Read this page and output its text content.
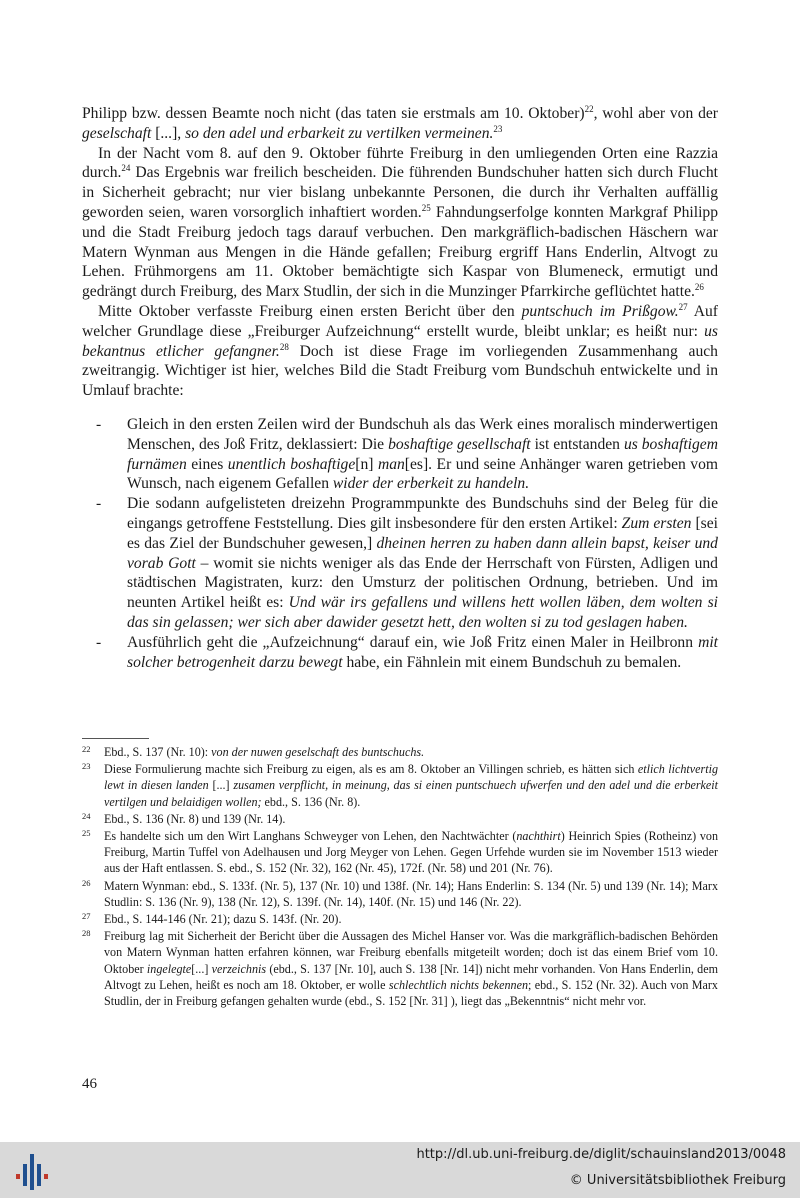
Philipp bzw. dessen Beamte noch nicht (das taten sie erstmals am 10. Oktober)$^{22}$, wohl aber von der geselschaft [...], so den adel und erbarkeit zu vertilken vermeinen.$^{23}$

In der Nacht vom 8. auf den 9. Oktober führte Freiburg in den umliegenden Orten eine Razzia durch.$^{24}$ Das Ergebnis war freilich bescheiden. Die führenden Bundschuher hatten sich durch Flucht in Sicherheit gebracht; nur vier bislang unbekannte Personen, die durch ihr Verhalten auffällig geworden seien, waren vorsorglich inhaftiert worden.$^{25}$ Fahndungserfolge konnten Markgraf Philipp und die Stadt Freiburg jedoch tags darauf verbuchen. Den markgräflich-badischen Häschern war Matern Wynman aus Mengen in die Hände gefallen; Freiburg ergriff Hans Enderlin, Altvogt zu Lehen. Frühmorgens am 11. Oktober bemächtigte sich Kaspar von Blumeneck, ermutigt und gedrängt durch Freiburg, des Marx Studlin, der sich in die Munzinger Pfarrkirche geflüchtet hatte.$^{26}$

Mitte Oktober verfasste Freiburg einen ersten Bericht über den puntschuch im Prißgow.$^{27}$ Auf welcher Grundlage diese „Freiburger Aufzeichnung“ erstellt wurde, bleibt unklar; es heißt nur: us bekantnus etlicher gefangner.$^{28}$ Doch ist diese Frage im vorliegenden Zusammenhang auch zweitrangig. Wichtiger ist hier, welches Bild die Stadt Freiburg vom Bundschuh entwickelte und in Umlauf brachte:

- Gleich in den ersten Zeilen wird der Bundschuh als das Werk eines moralisch minderwertigen Menschen, des Joß Fritz, deklassiert: Die boshaftige gesellschaft ist entstanden us boshaftigem furnämen eines unentlich boshaftige[n] man[es]. Er und seine Anhänger waren getrieben vom Wunsch, nach eigenem Gefallen wider der erberkeit zu handeln.
- Die sodann aufgelisteten dreizehn Programmpunkte des Bundschuhs sind der Beleg für die eingangs getroffene Feststellung. Dies gilt insbesondere für den ersten Artikel: Zum ersten [sei es das Ziel der Bundschuher gewesen,] dheinen herren zu haben dann allein bapst, keiser und vorab Gott – womit sie nichts weniger als das Ende der Herrschaft von Fürsten, Adligen und städtischen Magistraten, kurz: den Umsturz der politischen Ordnung, betrieben. Und im neunten Artikel heißt es: Und wär irs gefallens und willens hett wollen läben, dem wolten si das sin gelassen; wer sich aber dawider gesetzt hett, den wolten si zu tod geslagen haben.
- Ausführlich geht die „Aufzeichnung“ darauf ein, wie Joß Fritz einen Maler in Heilbronn mit solcher betrogenheit darzu bewegt habe, ein Fähnlein mit einem Bundschuh zu bemalen.
22 Ebd., S. 137 (Nr. 10): von der nuwen geselschaft des buntschuchs.
23 Diese Formulierung machte sich Freiburg zu eigen, als es am 8. Oktober an Villingen schrieb, es hätten sich etlich lichtvertig lewt in diesen landen [...] zusamen verpflicht, in meinung, das si einen puntschuech ufwerfen und den adel und die erberkeit vertilgen und belaidigen wollen; ebd., S. 136 (Nr. 8).
24 Ebd., S. 136 (Nr. 8) und 139 (Nr. 14).
25 Es handelte sich um den Wirt Langhans Schweyger von Lehen, den Nachtwächter (nachthirt) Heinrich Spies (Rotheinz) von Freiburg, Martin Tuffel von Adelhausen und Jorg Meyger von Lehen. Gegen Urfehde wurden sie im November 1513 wieder aus der Haft entlassen. S. ebd., S. 152 (Nr. 32), 162 (Nr. 45), 172f. (Nr. 58) und 201 (Nr. 76).
26 Matern Wynman: ebd., S. 133f. (Nr. 5), 137 (Nr. 10) und 138f. (Nr. 14); Hans Enderlin: S. 134 (Nr. 5) und 139 (Nr. 14); Marx Studlin: S. 136 (Nr. 9), 138 (Nr. 12), S. 139f. (Nr. 14), 140f. (Nr. 15) und 146 (Nr. 22).
27 Ebd., S. 144-146 (Nr. 21); dazu S. 143f. (Nr. 20).
28 Freiburg lag mit Sicherheit der Bericht über die Aussagen des Michel Hanser vor. Was die markgräflich-badischen Behörden von Matern Wynman hatten erfahren können, war Freiburg ebenfalls mitgeteilt worden; doch ist das einem Brief vom 10. Oktober ingelegte[...] verzeichnis (ebd., S. 137 [Nr. 10], auch S. 138 [Nr. 14]) nicht mehr vorhanden. Von Hans Enderlin, dem Altvogt zu Lehen, heißt es noch am 18. Oktober, er wolle schlechtlich nichts bekennen; ebd., S. 152 (Nr. 32). Auch von Marx Studlin, der in Freiburg gefangen gehalten wurde (ebd., S. 152 [Nr. 31] ), liegt das „Bekenntnis“ nicht mehr vor.
46
http://dl.ub.uni-freiburg.de/diglit/schauinsland2013/0048
© Universitätsbibliothek Freiburg
